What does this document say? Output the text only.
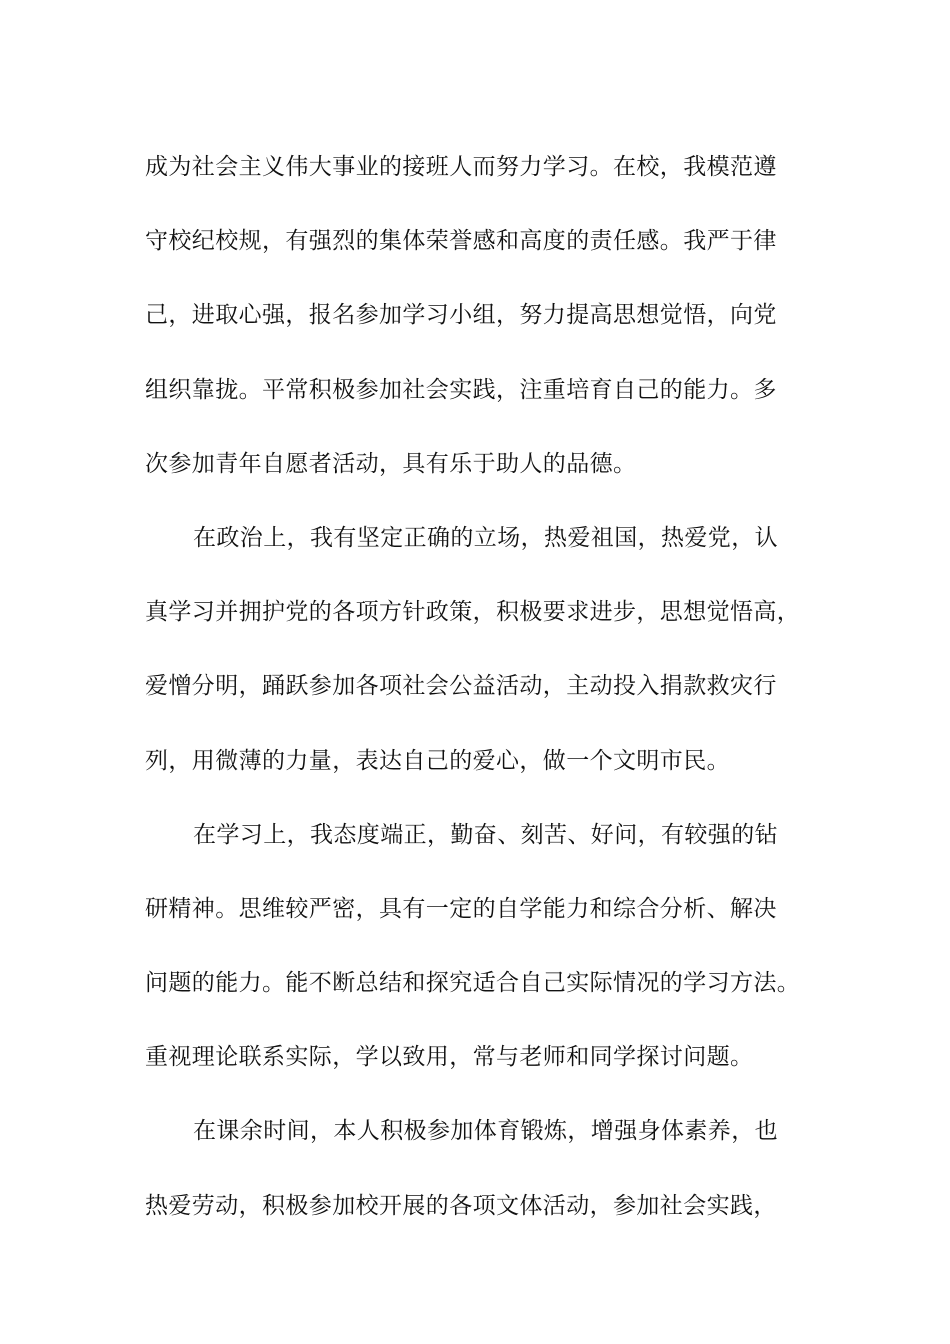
成为社会主义伟大事业的接班人而努力学习。在校，我模范遵
守校纪校规，有强烈的集体荣誉感和高度的责任感。我严于律
己，进取心强，报名参加学习小组，努力提高思想觉悟，向党
组织靠拢。平常积极参加社会实践，注重培育自己的能力。多
次参加青年自愿者活动，具有乐于助人的品德。
在政治上，我有坚定正确的立场，热爱祖国，热爱党，认
真学习并拥护党的各项方针政策，积极要求进步，思想觉悟高，
爱憎分明，踊跃参加各项社会公益活动，主动投入捐款救灾行
列，用微薄的力量，表达自己的爱心，做一个文明市民。
在学习上，我态度端正，勤奋、刻苦、好问，有较强的钻
研精神。思维较严密，具有一定的自学能力和综合分析、解决
问题的能力。能不断总结和探究适合自己实际情况的学习方法。
重视理论联系实际，学以致用，常与老师和同学探讨问题。
在课余时间，本人积极参加体育锻炼，增强身体素养，也
热爱劳动，积极参加校开展的各项文体活动，参加社会实践，
